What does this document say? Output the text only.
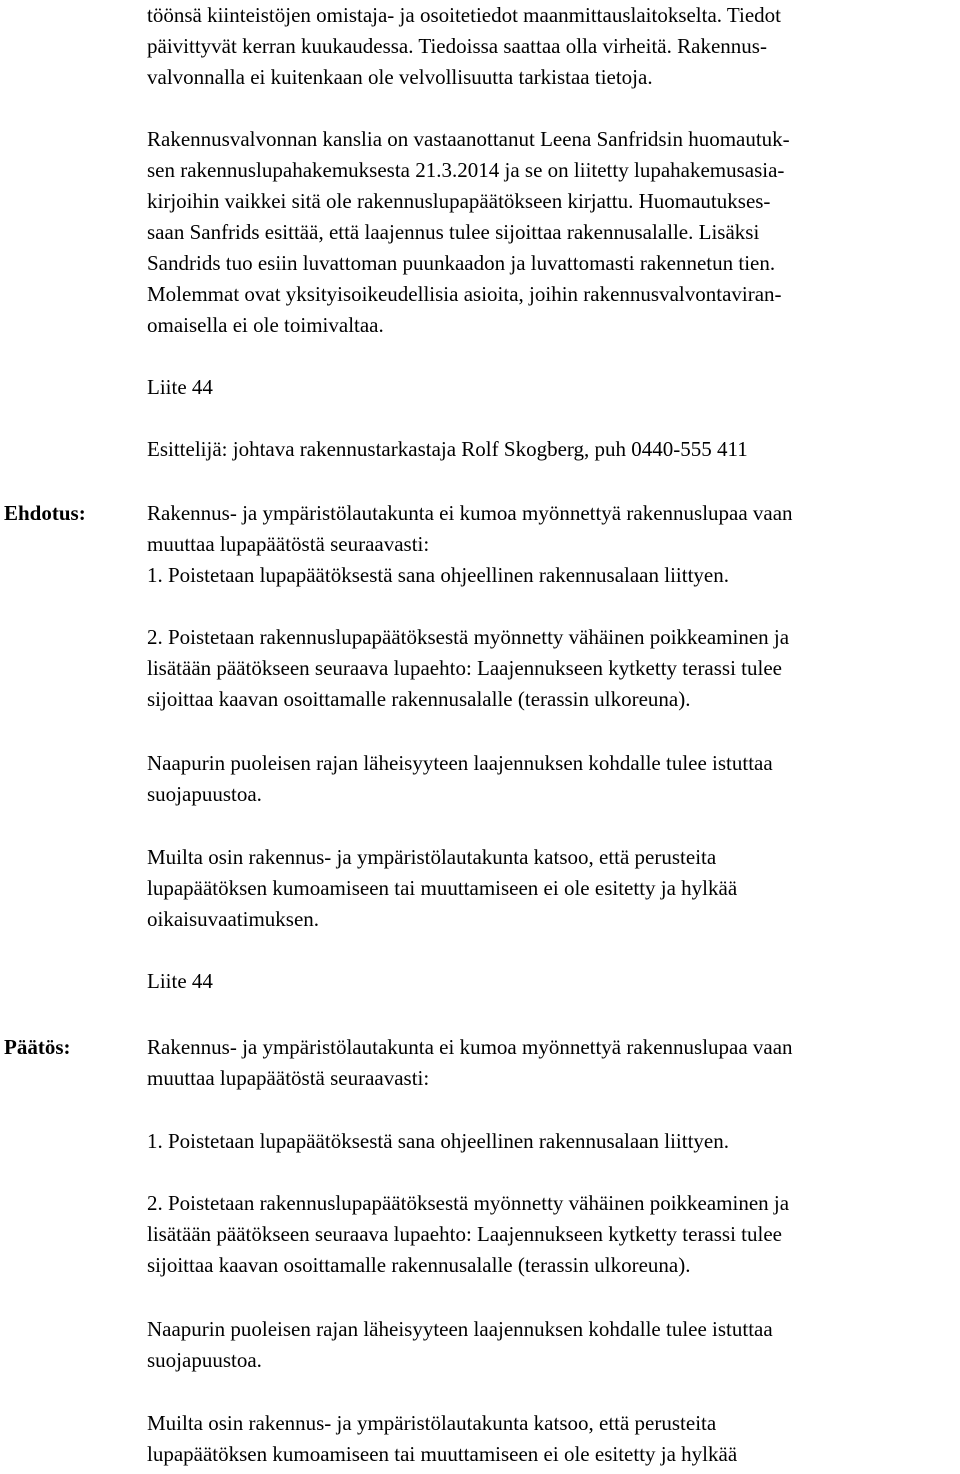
töönsä kiinteistöjen omistaja- ja osoitetiedot maanmittauslaitokselta. Tiedot
päivittyvät kerran kuukaudessa. Tiedoissa saattaa olla virheitä. Rakennus-
valvonnalla ei kuitenkaan ole velvollisuutta tarkistaa tietoja.
Rakennusvalvonnan kanslia on vastaanottanut Leena Sanfridsin huomautuk-
sen rakennuslupahakemuksesta 21.3.2014 ja se on liitetty lupahakemusasia-
kirjoihin vaikkei sitä ole rakennuslupapäätökseen kirjattu. Huomautukses-
saan Sanfrids esittää, että laajennus tulee sijoittaa rakennusalalle. Lisäksi
Sandrids tuo esiin luvattoman puunkaadon ja luvattomasti rakennetun tien.
Molemmat ovat yksityisoikeudellisia asioita, joihin rakennusvalvontaviran-
omaisella ei ole toimivaltaa.
Liite 44
Esittelijä: johtava rakennustarkastaja Rolf Skogberg, puh 0440-555 411
Ehdotus:	Rakennus- ja ympäristölautakunta ei kumoa myönnettyä rakennuslupaa vaan
muuttaa lupapäätöstä seuraavasti:
1. Poistetaan lupapäätöksestä sana ohjeellinen rakennusalaan liittyen.
2. Poistetaan rakennuslupapäätöksestä myönnetty vähäinen poikkeaminen ja
lisätään päätökseen seuraava lupaehto: Laajennukseen kytketty terassi tulee
sijoittaa kaavan osoittamalle rakennusalalle (terassin ulkoreuna).
Naapurin puoleisen rajan läheisyyteen laajennuksen kohdalle tulee istuttaa
suojapuustoa.
Muilta osin rakennus- ja ympäristölautakunta katsoo, että perusteita
lupapäätöksen kumoamiseen tai muuttamiseen ei ole esitetty ja hylkää
oikaisuvaatimuksen.
Liite 44
Päätös:	Rakennus- ja ympäristölautakunta ei kumoa myönnettyä rakennuslupaa vaan
muuttaa lupapäätöstä seuraavasti:
1. Poistetaan lupapäätöksestä sana ohjeellinen rakennusalaan liittyen.
2. Poistetaan rakennuslupapäätöksestä myönnetty vähäinen poikkeaminen ja
lisätään päätökseen seuraava lupaehto: Laajennukseen kytketty terassi tulee
sijoittaa kaavan osoittamalle rakennusalalle (terassin ulkoreuna).
Naapurin puoleisen rajan läheisyyteen laajennuksen kohdalle tulee istuttaa
suojapuustoa.
Muilta osin rakennus- ja ympäristölautakunta katsoo, että perusteita
lupapäätöksen kumoamiseen tai muuttamiseen ei ole esitetty ja hylkää
